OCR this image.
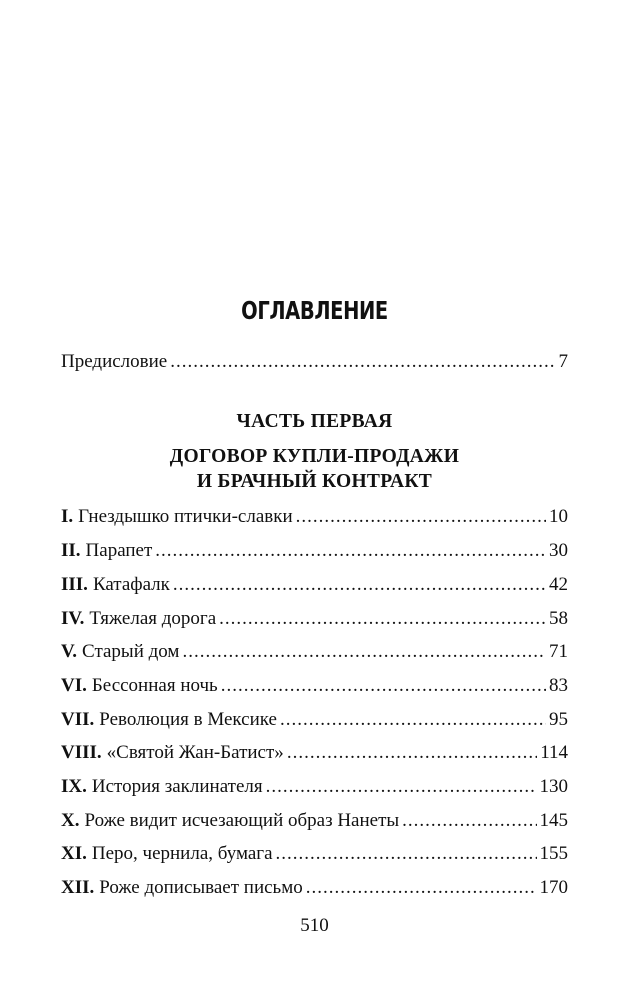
ОГЛАВЛЕНИЕ
Предисловие .....	7
ЧАСТЬ ПЕРВАЯ
ДОГОВОР КУПЛИ-ПРОДАЖИ
И БРАЧНЫЙ КОНТРАКТ
I. Гнездышко птички-славки .....	10
II. Парапет .....	30
III. Катафалк .....	42
IV. Тяжелая дорога .....	58
V. Старый дом .....	71
VI. Бессонная ночь .....	83
VII. Революция в Мексике .....	95
VIII. «Святой Жан-Батист» .....	114
IX. История заклинателя .....	130
X. Роже видит исчезающий образ Нанеты .....	145
XI. Перо, чернила, бумага .....	155
XII. Роже дописывает письмо .....	170
510
